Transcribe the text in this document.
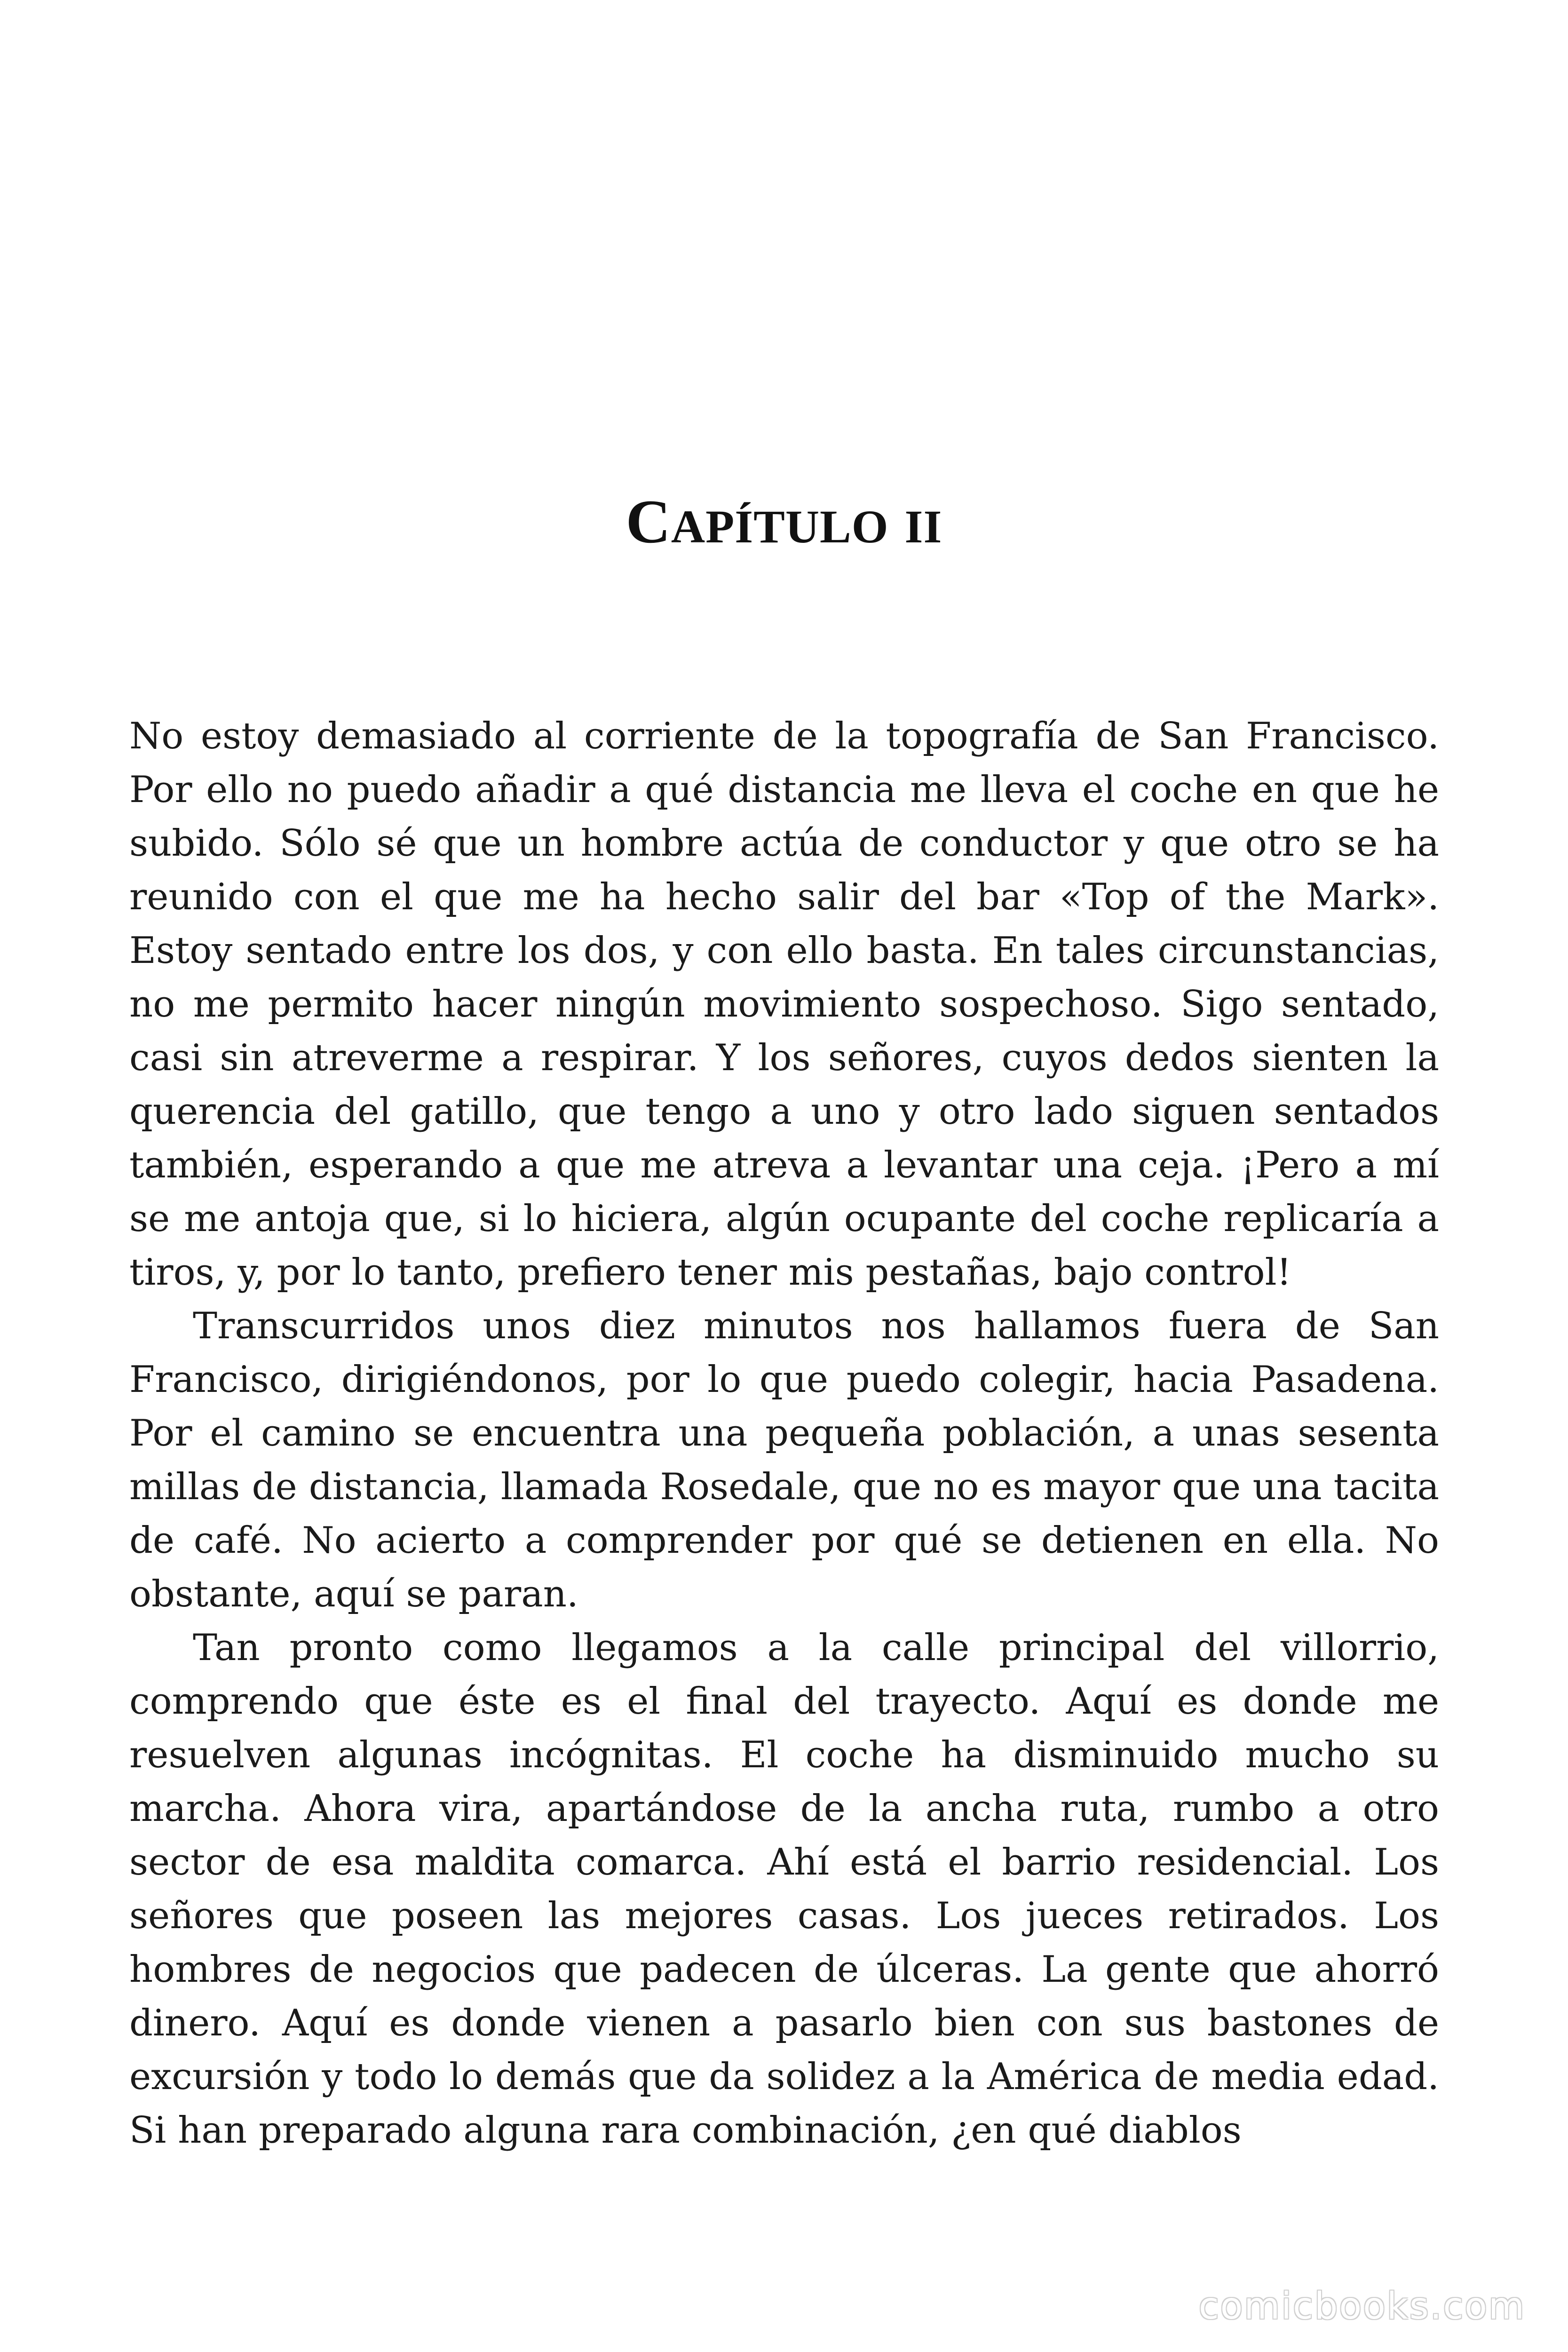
CAPÍTULO II

No estoy demasiado al corriente de la topografía de San Francisco. Por ello no puedo añadir a qué distancia me lleva el coche en que he subido. Sólo sé que un hombre actúa de conductor y que otro se ha reunido con el que me ha hecho salir del bar «Top of the Mark». Estoy sentado entre los dos, y con ello basta. En tales circunstancias, no me permito hacer ningún movimiento sospechoso. Sigo sentado, casi sin atreverme a respirar. Y los señores, cuyos dedos sienten la querencia del gatillo, que tengo a uno y otro lado siguen sentados también, esperando a que me atreva a levantar una ceja. ¡Pero a mí se me antoja que, si lo hiciera, algún ocupante del coche replicaría a tiros, y, por lo tanto, prefiero tener mis pestañas, bajo control!

Transcurridos unos diez minutos nos hallamos fuera de San Francisco, dirigiéndonos, por lo que puedo colegir, hacia Pasadena. Por el camino se encuentra una pequeña población, a unas sesenta millas de distancia, llamada Rosedale, que no es mayor que una tacita de café. No acierto a comprender por qué se detienen en ella. No obstante, aquí se paran.

Tan pronto como llegamos a la calle principal del villorrio, comprendo que éste es el final del trayecto. Aquí es donde me resuelven algunas incógnitas. El coche ha disminuido mucho su marcha. Ahora vira, apartándose de la ancha ruta, rumbo a otro sector de esa maldita comarca. Ahí está el barrio residencial. Los señores que poseen las mejores casas. Los jueces retirados. Los hombres de negocios que padecen de úlceras. La gente que ahorró dinero. Aquí es donde vienen a pasarlo bien con sus bastones de excursión y todo lo demás que da solidez a la América de media edad. Si han preparado alguna rara combinación, ¿en qué diablos

comicbooks.com
